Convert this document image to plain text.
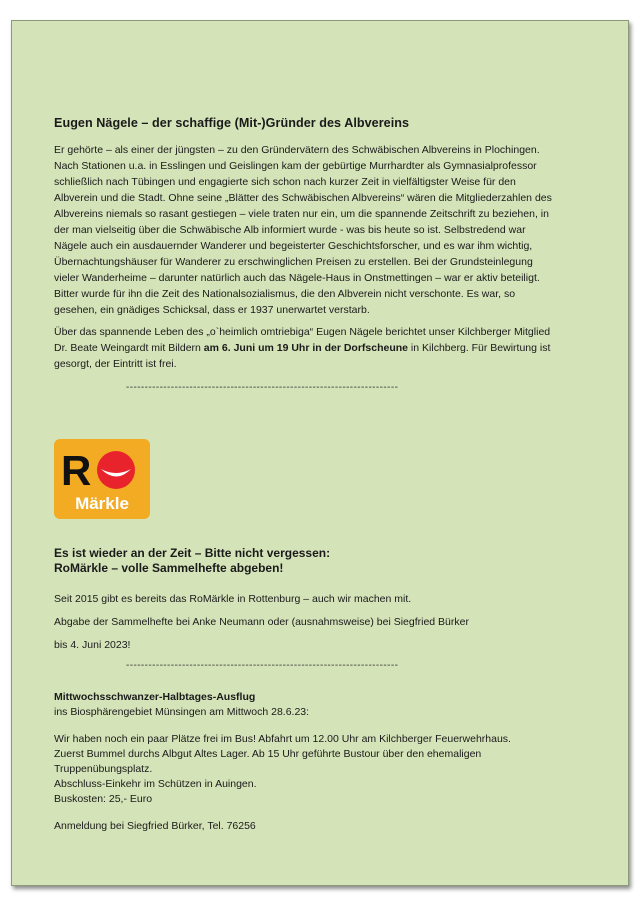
Eugen Nägele – der schaffige (Mit-)Gründer des Albvereins

Er gehörte – als einer der jüngsten – zu den Gründervätern des Schwäbischen Albvereins in Plochingen. Nach Stationen u.a. in Esslingen und Geislingen kam der gebürtige Murrhardter als Gymnasialprofessor schließlich nach Tübingen und engagierte sich schon nach kurzer Zeit in vielfältigster Weise für den Albverein und die Stadt. Ohne seine „Blätter des Schwäbischen Albvereins“ wären die Mitgliederzahlen des Albvereins niemals so rasant gestiegen – viele traten nur ein, um die spannende Zeitschrift zu beziehen, in der man vielseitig über die Schwäbische Alb informiert wurde - was bis heute so ist. Selbstredend war Nägele auch ein ausdauernder Wanderer und begeisterter Geschichtsforscher, und es war ihm wichtig, Übernachtungshäuser für Wanderer zu erschwinglichen Preisen zu erstellen. Bei der Grundsteinlegung vieler Wanderheime – darunter natürlich auch das Nägele-Haus in Onstmettingen – war er aktiv beteiligt. Bitter wurde für ihn die Zeit des Nationalsozialismus, die den Albverein nicht verschonte. Es war, so gesehen, ein gnädiges Schicksal, dass er 1937 unerwartet verstarb.

Über das spannende Leben des „o`heimlich omtriebiga“ Eugen Nägele berichtet unser Kilchberger Mitglied Dr. Beate Weingardt mit Bildern am 6. Juni um 19 Uhr in der Dorfscheune in Kilchberg. Für Bewirtung ist gesorgt, der Eintritt ist frei.

-------------------------------------------------------------------------
R
Märkle

Es ist wieder an der Zeit – Bitte nicht vergessen:

RoMärkle – volle Sammelhefte abgeben!

Seit 2015 gibt es bereits das RoMärkle in Rottenburg – auch wir machen mit.

Abgabe der Sammelhefte bei Anke Neumann oder (ausnahmsweise) bei Siegfried Bürker

bis 4. Juni 2023!

-------------------------------------------------------------------------

Mittwochsschwanzer-Halbtages-Ausflug

ins Biosphärengebiet Münsingen am Mittwoch 28.6.23:

Wir haben noch ein paar Plätze frei im Bus! Abfahrt um 12.00 Uhr am Kilchberger Feuerwehrhaus.

Zuerst Bummel durchs Albgut Altes Lager. Ab 15 Uhr geführte Bustour über den ehemaligen Truppenübungsplatz.

Abschluss-Einkehr im Schützen in Auingen.

Buskosten: 25,- Euro

Anmeldung bei Siegfried Bürker, Tel. 76256
